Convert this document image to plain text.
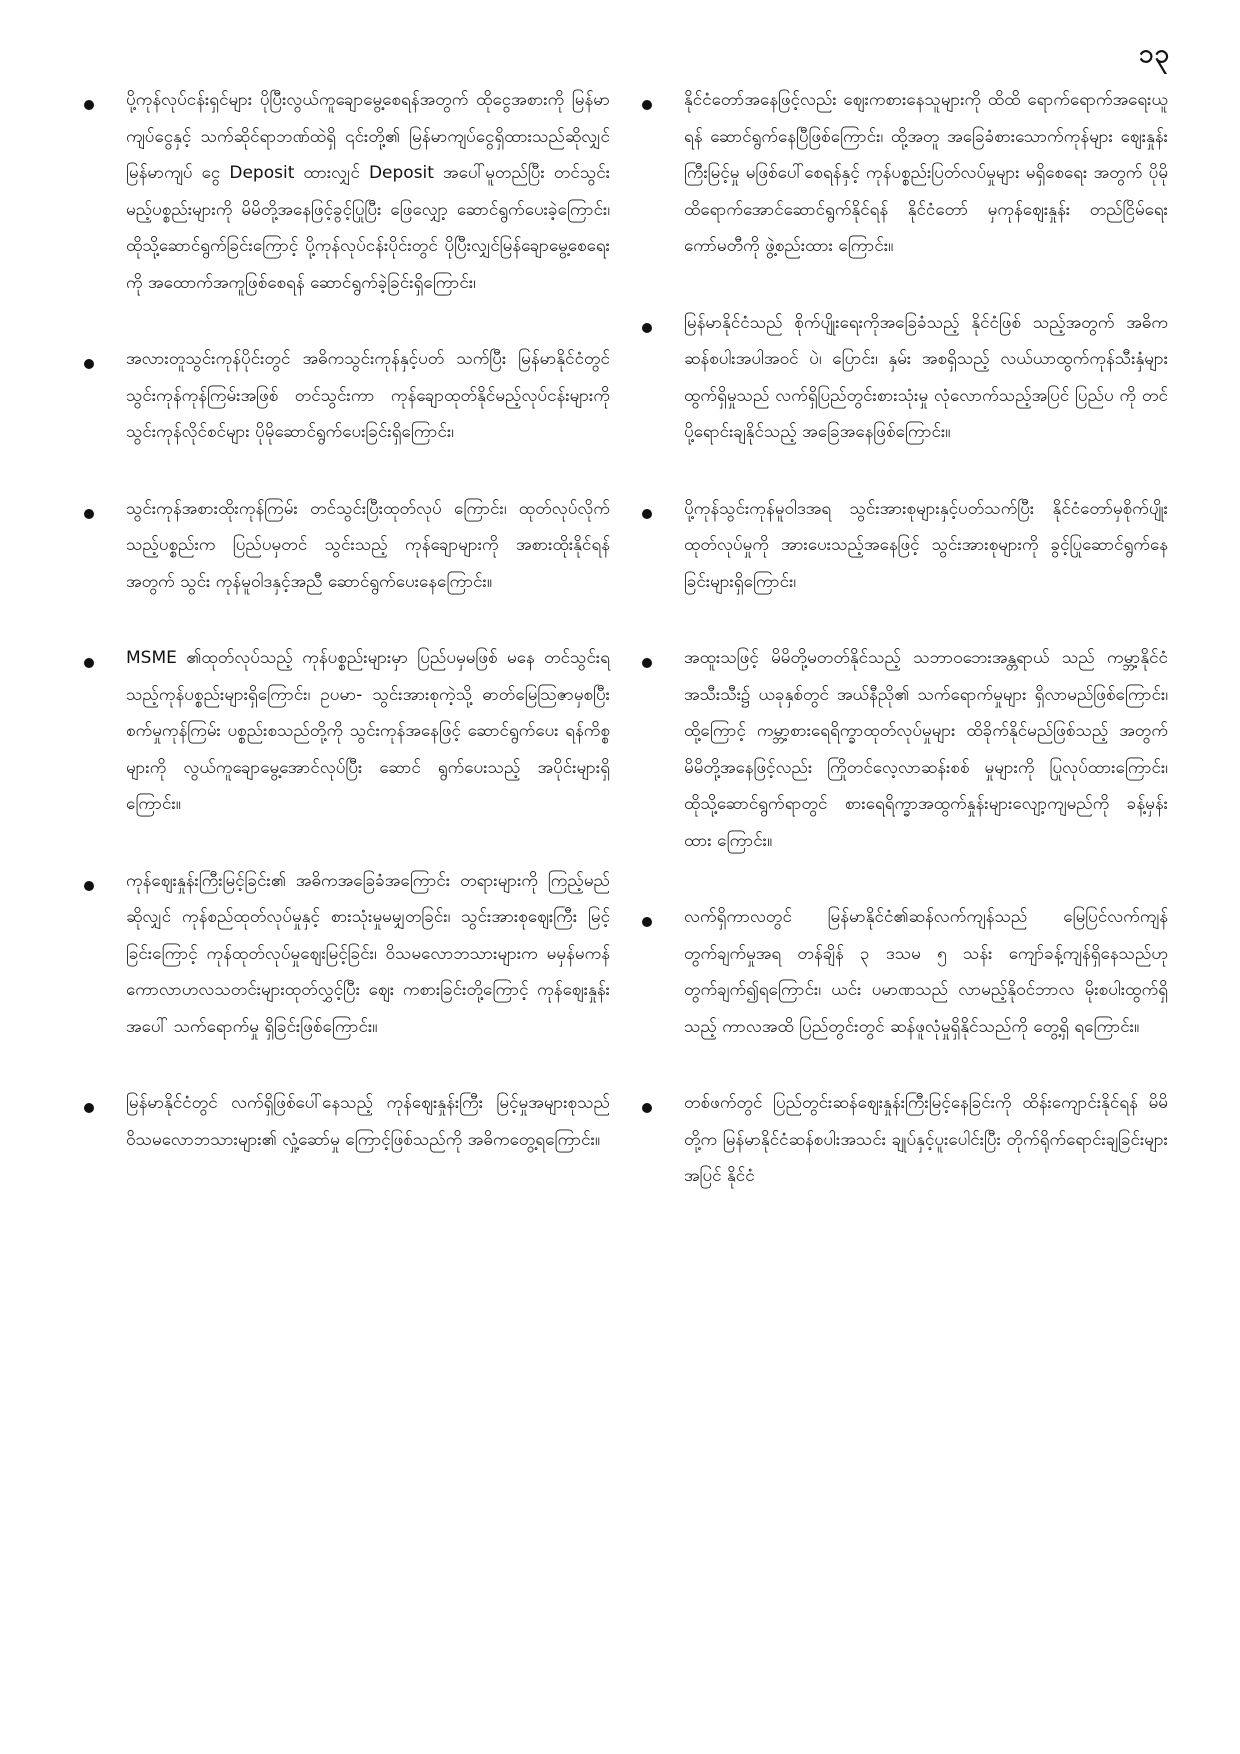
၁၃

ပို့ကုန်လုပ်ငန်းရှင်များ ပိုပြီးလွယ်ကူချောမွေ့စေရန်အတွက် ထိုငွေအစားကို မြန်မာကျပ်ငွေနှင့် သက်ဆိုင်ရာဘဏ်ထဲရှိ ၎င်းတို့၏ မြန်မာကျပ်ငွေရှိထားသည်ဆိုလျှင် မြန်မာကျပ် ငွေ Deposit ထားလျှင် Deposit အပေါ်မူတည်ပြီး တင်သွင်း မည့်ပစ္စည်းများကို မိမိတို့အနေဖြင့်ခွင့်ပြုပြီး ဖြေလျှော့ ဆောင်ရွက်ပေးခဲ့ကြောင်း၊ ထိုသို့ဆောင်ရွက်ခြင်းကြောင့် ပို့ကုန်လုပ်ငန်းပိုင်းတွင် ပိုပြီးလျှင်မြန်ချောမွေ့စေရေးကို အထောက်အကူဖြစ်စေရန် ဆောင်ရွက်ခဲ့ခြင်းရှိကြောင်း၊

အလားတူသွင်းကုန်ပိုင်းတွင် အဓိကသွင်းကုန်နှင့်ပတ် သက်ပြီး မြန်မာနိုင်ငံတွင် သွင်းကုန်ကုန်ကြမ်းအဖြစ် တင်သွင်းကာ ကုန်ချောထုတ်နိုင်မည့်လုပ်ငန်းများကို သွင်းကုန်လိုင်စင်များ ပိုမိုဆောင်ရွက်ပေးခြင်းရှိကြောင်း၊

သွင်းကုန်အစားထိုးကုန်ကြမ်း တင်သွင်းပြီးထုတ်လုပ် ကြောင်း၊ ထုတ်လုပ်လိုက်သည့်ပစ္စည်းက ပြည်ပမှတင် သွင်းသည့် ကုန်ချောများကို အစားထိုးနိုင်ရန်အတွက် သွင်း ကုန်မူဝါဒနှင့်အညီ ဆောင်ရွက်ပေးနေကြောင်း။

MSME ၏ထုတ်လုပ်သည့် ကုန်ပစ္စည်းများမှာ ပြည်ပမှမဖြစ် မနေ တင်သွင်းရသည့်ကုန်ပစ္စည်းများရှိကြောင်း၊ ဥပမာ- သွင်းအားစုကဲ့သို့ ဓာတ်မြေဩဇာမှစပြီး စက်မှုကုန်ကြမ်း ပစ္စည်းစသည်တို့ကို သွင်းကုန်အနေဖြင့် ဆောင်ရွက်ပေး ရန်ကိစ္စများကို လွယ်ကူချောမွေ့အောင်လုပ်ပြီး ဆောင် ရွက်ပေးသည့် အပိုင်းများရှိကြောင်း။

ကုန်ဈေးနှုန်းကြီးမြင့်ခြင်း၏ အဓိကအခြေခံအကြောင်း တရားများကို ကြည့်မည်ဆိုလျှင် ကုန်စည်ထုတ်လုပ်မှုနှင့် စားသုံးမှုမမျှတခြင်း၊ သွင်းအားစုဈေးကြီး မြင့်ခြင်းကြောင့် ကုန်ထုတ်လုပ်မှုဈေးမြင့်ခြင်း၊ ဝိသမလောဘသားများက မမှန်မကန် ကောလာဟလသတင်းများထုတ်လွှင့်ပြီး ဈေး ကစားခြင်းတို့ကြောင့် ကုန်ဈေးနှုန်းအပေါ် သက်ရောက်မှု ရှိခြင်းဖြစ်ကြောင်း။

မြန်မာနိုင်ငံတွင် လက်ရှိဖြစ်ပေါ်နေသည့် ကုန်ဈေးနှုန်းကြီး မြင့်မှုအများစုသည် ဝိသမလောဘသားများ၏ လှုံ့ဆော်မှု ကြောင့်ဖြစ်သည်ကို အဓိကတွေ့ရကြောင်း။

နိုင်ငံတော်အနေဖြင့်လည်း ဈေးကစားနေသူများကို ထိထိ ရောက်ရောက်အရေးယူရန် ဆောင်ရွက်နေပြီဖြစ်ကြောင်း၊ ထို့အတူ အခြေခံစားသောက်ကုန်များ ဈေးနှုန်းကြီးမြင့်မှု မဖြစ်ပေါ်စေရန်နှင့် ကုန်ပစ္စည်းပြတ်လပ်မှုများ မရှိစေရေး အတွက် ပိုမိုထိရောက်အောင်ဆောင်ရွက်နိုင်ရန် နိုင်ငံတော် မှကုန်ဈေးနှုန်း တည်ငြိမ်ရေးကော်မတီကို ဖွဲ့စည်းထား ကြောင်း။

မြန်မာနိုင်ငံသည် စိုက်ပျိုးရေးကိုအခြေခံသည့် နိုင်ငံဖြစ် သည့်အတွက် အဓိက ဆန်စပါးအပါအဝင် ပဲ၊ ပြောင်း၊ နှမ်း အစရှိသည့် လယ်ယာထွက်ကုန်သီးနှံများထွက်ရှိမှုသည် လက်ရှိပြည်တွင်းစားသုံးမှု လုံလောက်သည့်အပြင် ပြည်ပ ကို တင်ပို့ရောင်းချနိုင်သည့် အခြေအနေဖြစ်ကြောင်း။

ပို့ကုန်သွင်းကုန်မူဝါဒအရ သွင်းအားစုများနှင့်ပတ်သက်ပြီး နိုင်ငံတော်မှစိုက်ပျိုး ထုတ်လုပ်မှုကို အားပေးသည့်အနေဖြင့် သွင်းအားစုများကို ခွင့်ပြုဆောင်ရွက်နေခြင်းများရှိကြောင်း၊

အထူးသဖြင့် မိမိတို့မတတ်နိုင်သည့် သဘာဝဘေးအန္တရာယ် သည် ကမ္ဘာ့နိုင်ငံအသီးသီး၌ ယခုနှစ်တွင် အယ်နီညို၏ သက်ရောက်မှုများ ရှိလာမည်ဖြစ်ကြောင်း၊ ထို့ကြောင့် ကမ္ဘာ့စားရေရိက္ခာထုတ်လုပ်မှုများ ထိခိုက်နိုင်မည်ဖြစ်သည့် အတွက် မိမိတို့အနေဖြင့်လည်း ကြိုတင်လေ့လာဆန်းစစ် မှုများကို ပြုလုပ်ထားကြောင်း၊ ထိုသို့ဆောင်ရွက်ရာတွင် စားရေရိက္ခာအထွက်နှုန်းများလျော့ကျမည်ကို ခန့်မှန်းထား ကြောင်း။

လက်ရှိကာလတွင် မြန်မာနိုင်ငံ၏ဆန်လက်ကျန်သည် မြေပြင်လက်ကျန် တွက်ချက်မှုအရ တန်ချိန် ၃ ဒသမ ၅ သန်း ကျော်ခန့်ကျန်ရှိနေသည်ဟု တွက်ချက်၍ရကြောင်း၊ ယင်း ပမာဏသည် လာမည့်နိုဝင်ဘာလ မိုးစပါးထွက်ရှိသည့် ကာလအထိ ပြည်တွင်းတွင် ဆန်ဖူလုံမှုရှိနိုင်သည်ကို တွေ့ရှိ ရကြောင်း။

တစ်ဖက်တွင် ပြည်တွင်းဆန်ဈေးနှုန်းကြီးမြင့်နေခြင်းကို ထိန်းကျောင်းနိုင်ရန် မိမိတို့က မြန်မာနိုင်ငံဆန်စပါးအသင်း ချုပ်နှင့်ပူးပေါင်းပြီး တိုက်ရိုက်ရောင်းချခြင်းများအပြင် နိုင်ငံ
